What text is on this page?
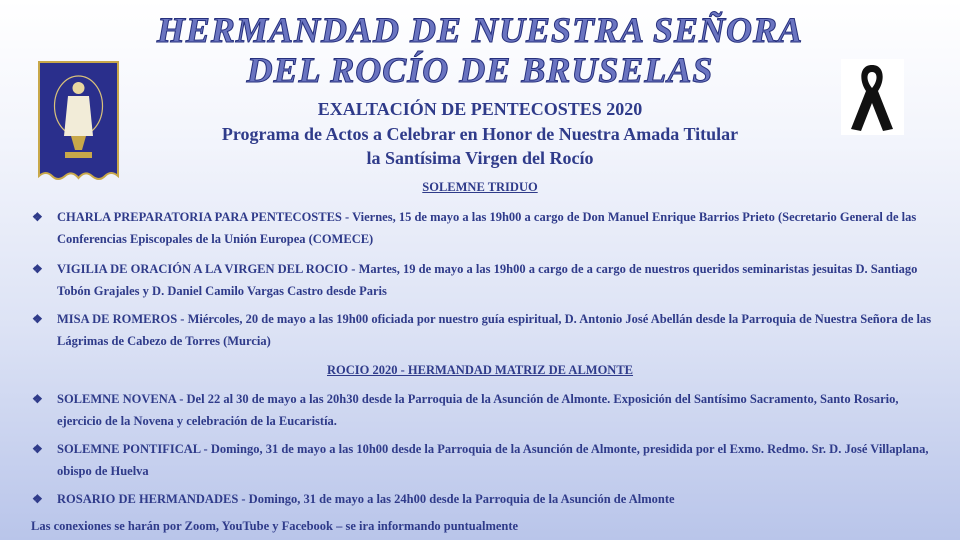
HERMANDAD DE NUESTRA SEÑORA
DEL ROCÍO DE BRUSELAS
EXALTACIÓN DE PENTECOSTES 2020
Programa de Actos a Celebrar en Honor de Nuestra Amada Titular
la Santísima Virgen del Rocío
SOLEMNE TRIDUO
❖	CHARLA PREPARATORIA PARA PENTECOSTES - Viernes, 15 de mayo a las 19h00 a cargo de Don Manuel Enrique Barrios Prieto (Secretario General de las Conferencias Episcopales de la Unión Europea (COMECE)
❖	VIGILIA DE ORACIÓN A LA VIRGEN DEL ROCIO - Martes, 19 de mayo a las 19h00 a cargo de a cargo de nuestros queridos seminaristas jesuitas D. Santiago Tobón Grajales y D. Daniel Camilo Vargas Castro desde Paris
❖	MISA DE ROMEROS - Miércoles, 20 de mayo a las 19h00 oficiada por nuestro guía espiritual, D. Antonio José Abellán desde la Parroquia de Nuestra Señora de las Lágrimas de Cabezo de Torres (Murcia)
ROCIO 2020 - HERMANDAD MATRIZ DE ALMONTE
❖	SOLEMNE NOVENA - Del 22 al 30 de mayo a las 20h30 desde la Parroquia de la Asunción de Almonte. Exposición del Santísimo Sacramento, Santo Rosario, ejercicio de la Novena y celebración de la Eucaristía.
❖	SOLEMNE PONTIFICAL - Domingo, 31 de mayo a las 10h00 desde la Parroquia de la Asunción de Almonte, presidida por el Exmo. Redmo. Sr. D. José Villaplana, obispo de Huelva
❖	ROSARIO DE HERMANDADES - Domingo, 31 de mayo a las 24h00 desde la Parroquia de la Asunción de Almonte
Las conexiones se harán por Zoom, YouTube y Facebook – se ira informando puntualmente
